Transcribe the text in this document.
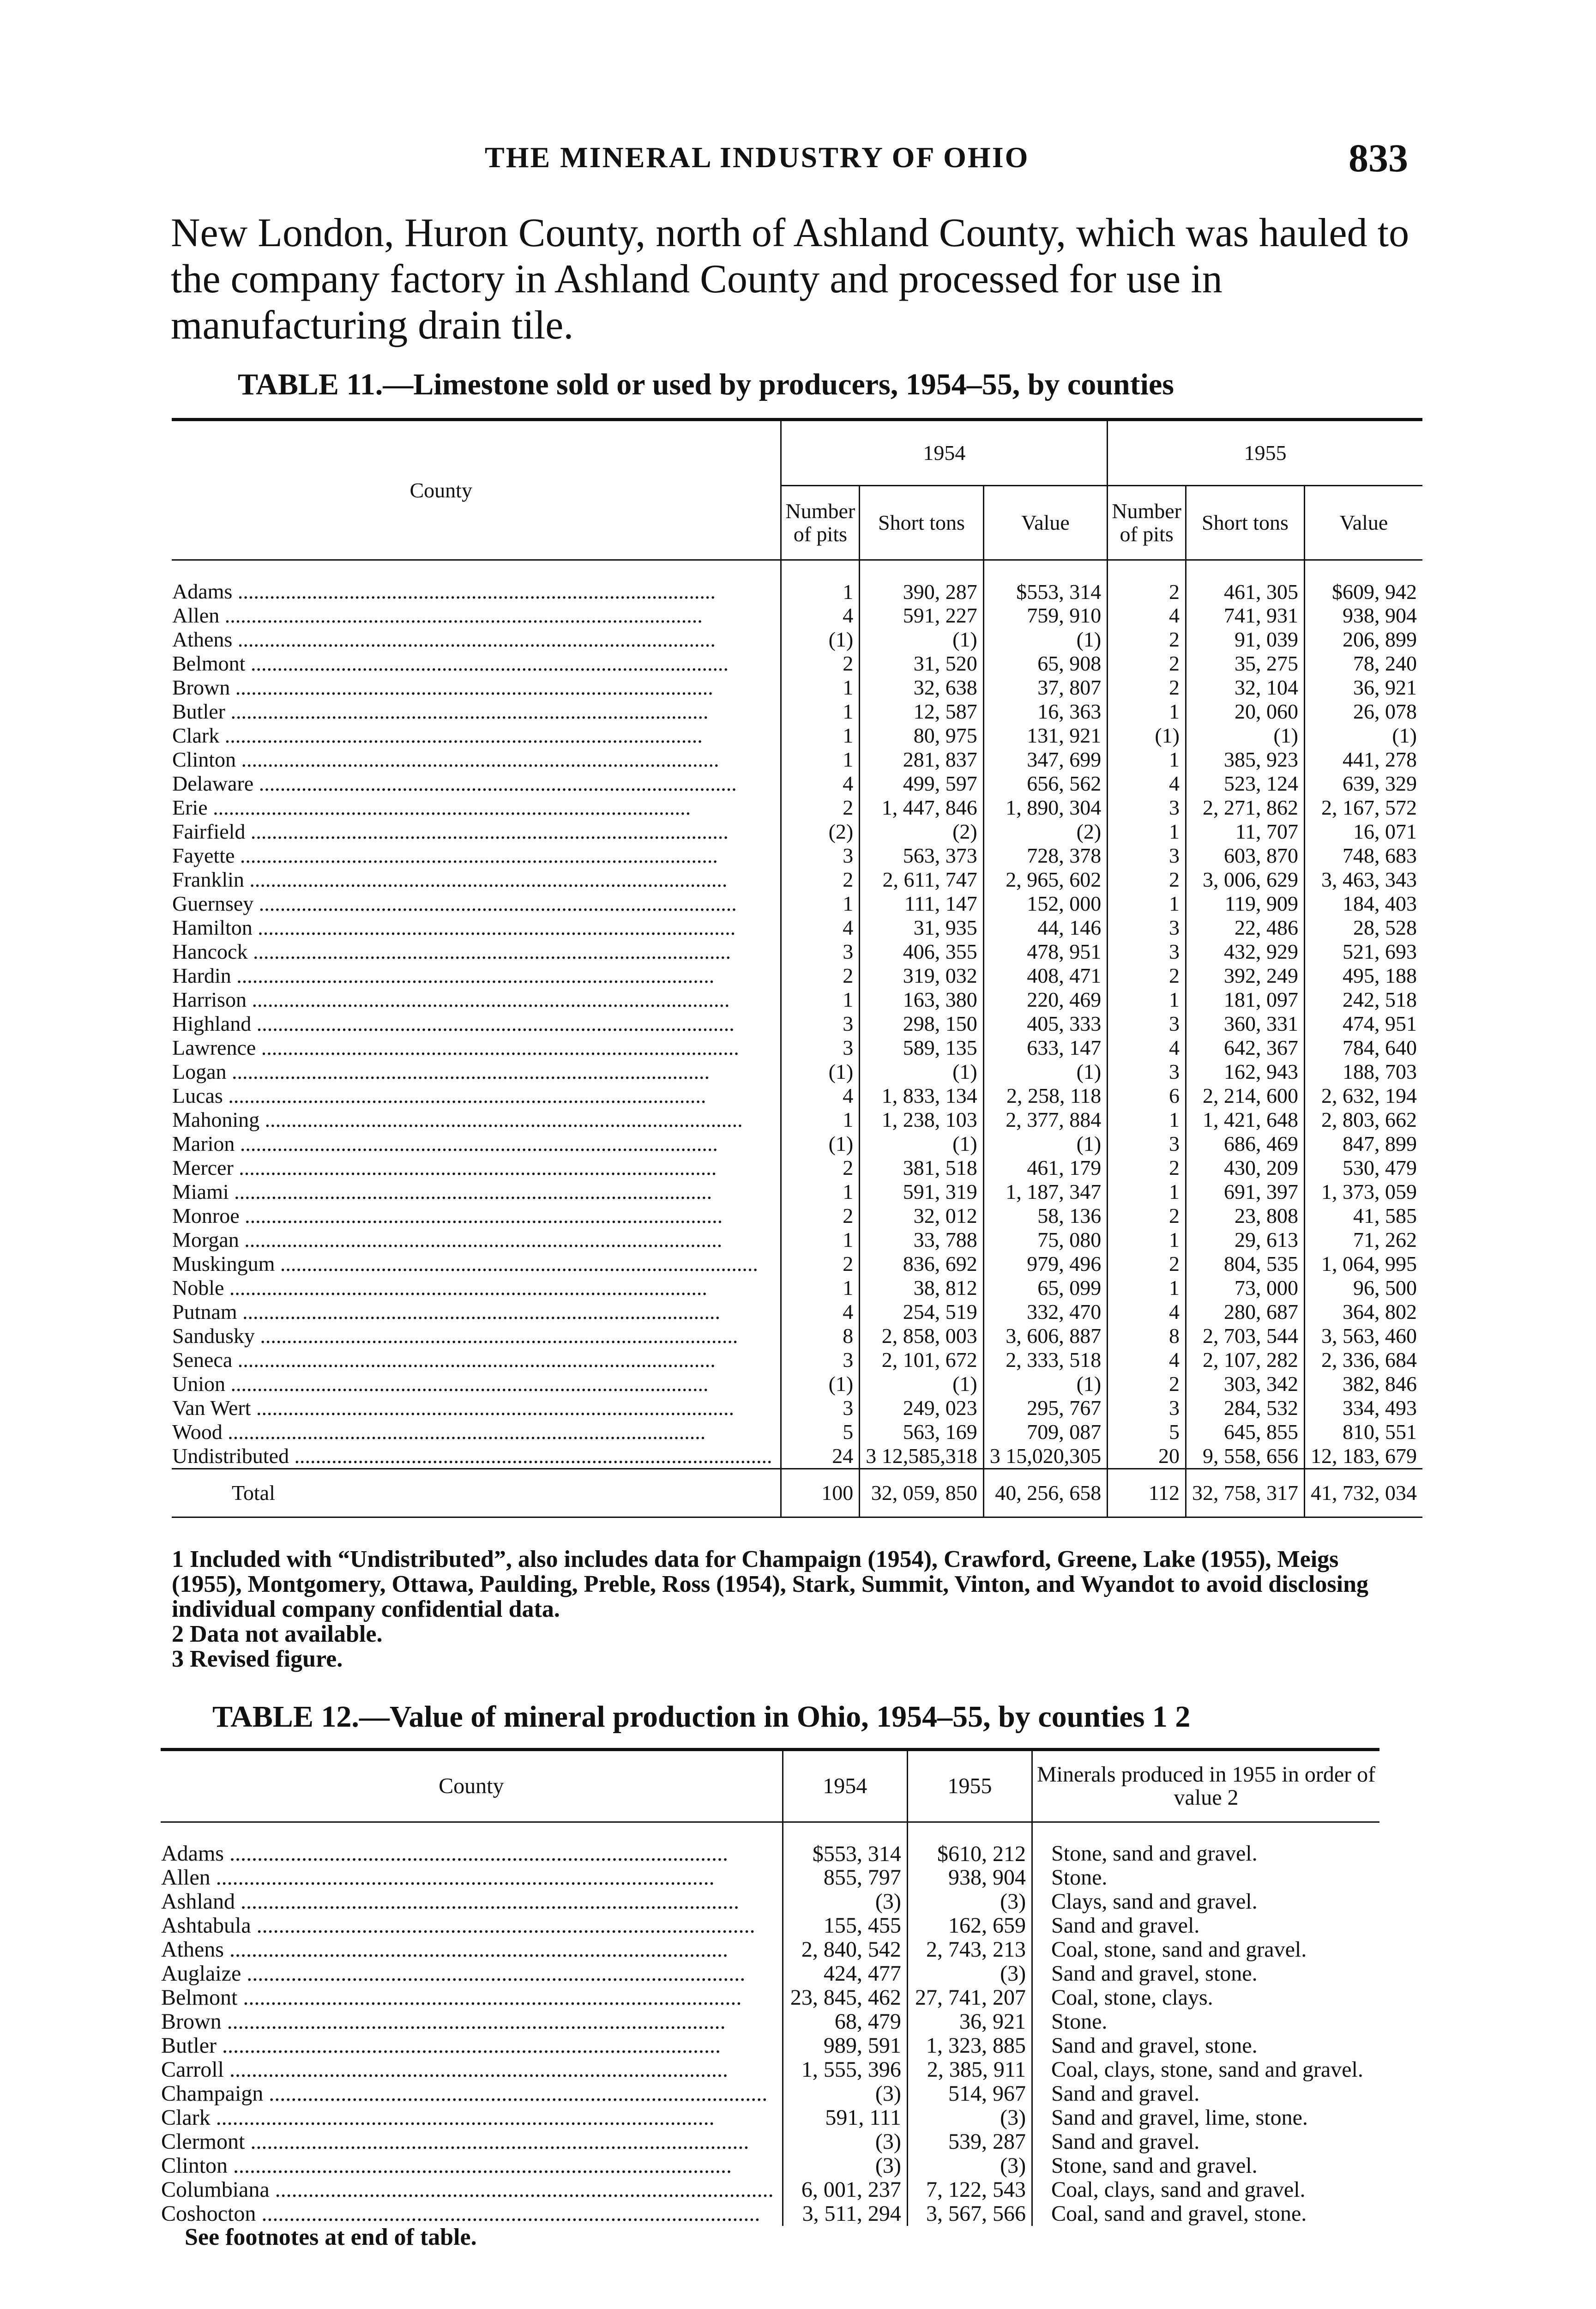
THE MINERAL INDUSTRY OF OHIO	833

New London, Huron County, north of Ashland County, which was hauled to the company factory in Ashland County and processed for use in manufacturing drain tile.

TABLE 11.—Limestone sold or used by producers, 1954–55, by counties

County	1954			1955		
	Number of pits	Short tons	Value	Number of pits	Short tons	Value

Adams ..........................................................................................	1	390, 287	$553, 314	2	461, 305	$609, 942

Allen ..........................................................................................	4	591, 227	759, 910	4	741, 931	938, 904

Athens ..........................................................................................	(1)	(1)	(1)	2	91, 039	206, 899

Belmont ..........................................................................................	2	31, 520	65, 908	2	35, 275	78, 240

Brown ..........................................................................................	1	32, 638	37, 807	2	32, 104	36, 921

Butler ..........................................................................................	1	12, 587	16, 363	1	20, 060	26, 078

Clark ..........................................................................................	1	80, 975	131, 921	(1)	(1)	(1)

Clinton ..........................................................................................	1	281, 837	347, 699	1	385, 923	441, 278

Delaware ..........................................................................................	4	499, 597	656, 562	4	523, 124	639, 329

Erie ..........................................................................................	2	1, 447, 846	1, 890, 304	3	2, 271, 862	2, 167, 572

Fairfield ..........................................................................................	(2)	(2)	(2)	1	11, 707	16, 071

Fayette ..........................................................................................	3	563, 373	728, 378	3	603, 870	748, 683

Franklin ..........................................................................................	2	2, 611, 747	2, 965, 602	2	3, 006, 629	3, 463, 343

Guernsey ..........................................................................................	1	111, 147	152, 000	1	119, 909	184, 403

Hamilton ..........................................................................................	4	31, 935	44, 146	3	22, 486	28, 528

Hancock ..........................................................................................	3	406, 355	478, 951	3	432, 929	521, 693

Hardin ..........................................................................................	2	319, 032	408, 471	2	392, 249	495, 188

Harrison ..........................................................................................	1	163, 380	220, 469	1	181, 097	242, 518

Highland ..........................................................................................	3	298, 150	405, 333	3	360, 331	474, 951

Lawrence ..........................................................................................	3	589, 135	633, 147	4	642, 367	784, 640

Logan ..........................................................................................	(1)	(1)	(1)	3	162, 943	188, 703

Lucas ..........................................................................................	4	1, 833, 134	2, 258, 118	6	2, 214, 600	2, 632, 194

Mahoning ..........................................................................................	1	1, 238, 103	2, 377, 884	1	1, 421, 648	2, 803, 662

Marion ..........................................................................................	(1)	(1)	(1)	3	686, 469	847, 899

Mercer ..........................................................................................	2	381, 518	461, 179	2	430, 209	530, 479

Miami ..........................................................................................	1	591, 319	1, 187, 347	1	691, 397	1, 373, 059

Monroe ..........................................................................................	2	32, 012	58, 136	2	23, 808	41, 585

Morgan ..........................................................................................	1	33, 788	75, 080	1	29, 613	71, 262

Muskingum ..........................................................................................	2	836, 692	979, 496	2	804, 535	1, 064, 995

Noble ..........................................................................................	1	38, 812	65, 099	1	73, 000	96, 500

Putnam ..........................................................................................	4	254, 519	332, 470	4	280, 687	364, 802

Sandusky ..........................................................................................	8	2, 858, 003	3, 606, 887	8	2, 703, 544	3, 563, 460

Seneca ..........................................................................................	3	2, 101, 672	2, 333, 518	4	2, 107, 282	2, 336, 684

Union ..........................................................................................	(1)	(1)	(1)	2	303, 342	382, 846

Van Wert ..........................................................................................	3	249, 023	295, 767	3	284, 532	334, 493

Wood ..........................................................................................	5	563, 169	709, 087	5	645, 855	810, 551

Undistributed ..........................................................................................	24	3 12,585,318	3 15,020,305	20	9, 558, 656	12, 183, 679
Total	100	32, 059, 850	40, 256, 658	112	32, 758, 317	41, 732, 034

1 Included with “Undistributed”, also includes data for Champaign (1954), Crawford, Greene, Lake (1955), Meigs (1955), Montgomery, Ottawa, Paulding, Preble, Ross (1954), Stark, Summit, Vinton, and Wyandot to avoid disclosing individual company confidential data.

2 Data not available.

3 Revised figure.

TABLE 12.—Value of mineral production in Ohio, 1954–55, by counties 1 2

County	1954	1955	Minerals produced in 1955 in order of value 2

Adams ..........................................................................................	$553, 314	$610, 212	Stone, sand and gravel.

Allen ..........................................................................................	855, 797	938, 904	Stone.

Ashland ..........................................................................................	(3)	(3)	Clays, sand and gravel.

Ashtabula ..........................................................................................	155, 455	162, 659	Sand and gravel.

Athens ..........................................................................................	2, 840, 542	2, 743, 213	Coal, stone, sand and gravel.

Auglaize ..........................................................................................	424, 477	(3)	Sand and gravel, stone.

Belmont ..........................................................................................	23, 845, 462	27, 741, 207	Coal, stone, clays.

Brown ..........................................................................................	68, 479	36, 921	Stone.

Butler ..........................................................................................	989, 591	1, 323, 885	Sand and gravel, stone.

Carroll ..........................................................................................	1, 555, 396	2, 385, 911	Coal, clays, stone, sand and gravel.

Champaign ..........................................................................................	(3)	514, 967	Sand and gravel.

Clark ..........................................................................................	591, 111	(3)	Sand and gravel, lime, stone.

Clermont ..........................................................................................	(3)	539, 287	Sand and gravel.

Clinton ..........................................................................................	(3)	(3)	Stone, sand and gravel.

Columbiana ..........................................................................................	6, 001, 237	7, 122, 543	Coal, clays, sand and gravel.

Coshocton ..........................................................................................	3, 511, 294	3, 567, 566	Coal, sand and gravel, stone.
See footnotes at end of table.
